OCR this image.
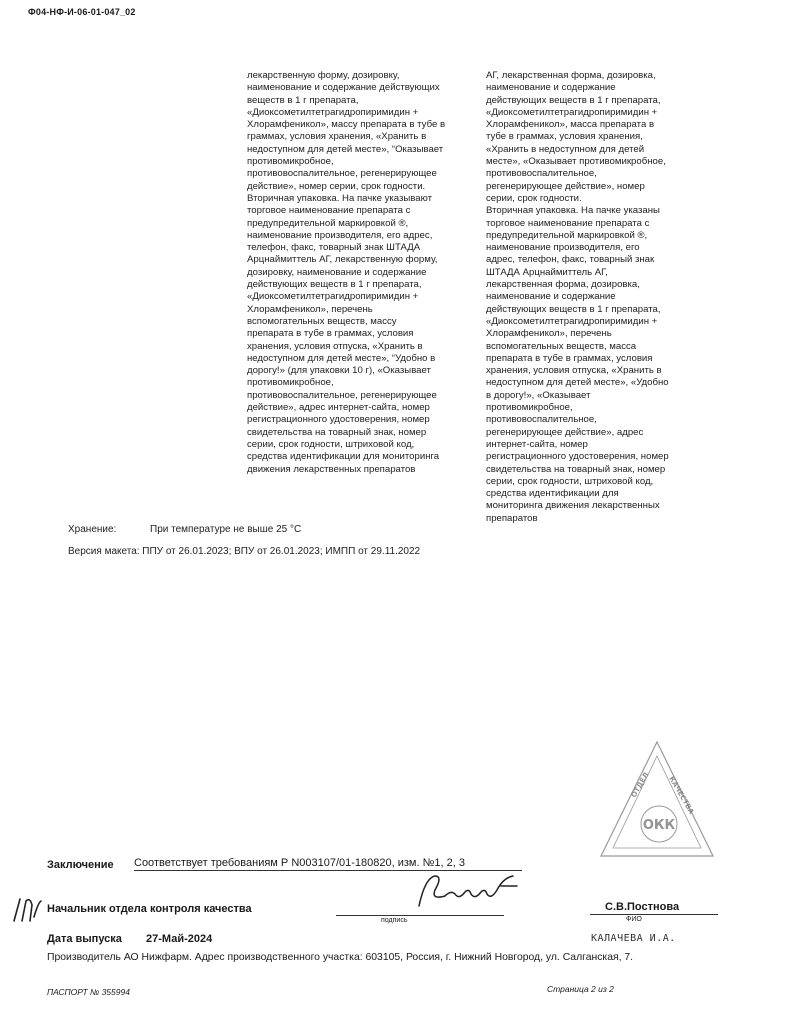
Ф04-НФ-И-06-01-047_02
лекарственную форму, дозировку,
наименование и содержание действующих
веществ в 1 г препарата,
«Диоксометилтетрагидропиримидин +
Хлорамфеникол», массу препарата в тубе в
граммах, условия хранения, «Хранить в
недоступном для детей месте», “Оказывает
противомикробное,
противовоспалительное, регенерирующее
действие», номер серии, срок годности.
Вторичная упаковка. На пачке указывают
торговое наименование препарата с
предупредительной маркировкой ®,
наименование производителя, его адрес,
телефон, факс, товарный знак ШТАДА
Арцнаймиттель АГ, лекарственную форму,
дозировку, наименование и содержание
действующих веществ в 1 г препарата,
«Диоксометилтетрагидропиримидин +
Хлорамфеникол», перечень
вспомогательных веществ, массу
препарата в тубе в граммах, условия
хранения, условия отпуска, «Хранить в
недоступном для детей месте», “Удобно в
дорогу!» (для упаковки 10 г), «Оказывает
противомикробное,
противовоспалительное, регенерирующее
действие», адрес интернет-сайта, номер
регистрационного удостоверения, номер
свидетельства на товарный знак, номер
серии, срок годности, штриховой код,
средства идентификации для мониторинга
движения лекарственных препаратов
АГ, лекарственная форма, дозировка,
наименование и содержание
действующих веществ в 1 г препарата,
«Диоксометилтетрагидропиримидин +
Хлорамфеникол», масса препарата в
тубе в граммах, условия хранения,
«Хранить в недоступном для детей
месте», «Оказывает противомикробное,
противовоспалительное,
регенерирующее действие», номер
серии, срок годности.
Вторичная упаковка. На пачке указаны
торговое наименование препарата с
предупредительной маркировкой ®,
наименование производителя, его
адрес, телефон, факс, товарный знак
ШТАДА Арцнаймиттель АГ,
лекарственная форма, дозировка,
наименование и содержание
действующих веществ в 1 г препарата,
«Диоксометилтетрагидропиримидин +
Хлорамфеникол», перечень
вспомогательных веществ, масса
препарата в тубе в граммах, условия
хранения, условия отпуска, «Хранить в
недоступном для детей месте», «Удобно
в дорогу!», «Оказывает
противомикробное,
противовоспалительное,
регенерирующее действие», адрес
интернет-сайта, номер
регистрационного удостоверения, номер
свидетельства на товарный знак, номер
серии, срок годности, штриховой код,
средства идентификации для
мониторинга движения лекарственных
препаратов
Хранение:	При температуре не выше 25 °С
Версия макета: ППУ от 26.01.2023; ВПУ от 26.01.2023; ИМПП от 29.11.2022
ОКК
ОТДЕЛ КАЧЕСТВА
Заключение Соответствует требованиям Р N003107/01-180820, изм. №1, 2, 3
Начальник отдела контроля качества
подпись
С.В.Постнова
ФИО
Дата выпуска 27-Май-2024	КАЛАЧЕВА И.А.
Производитель АО Нижфарм. Адрес производственного участка: 603105, Россия, г. Нижний Новгород, ул. Салганская, 7.
ПАСПОРТ № 355994	Страница 2 из 2
